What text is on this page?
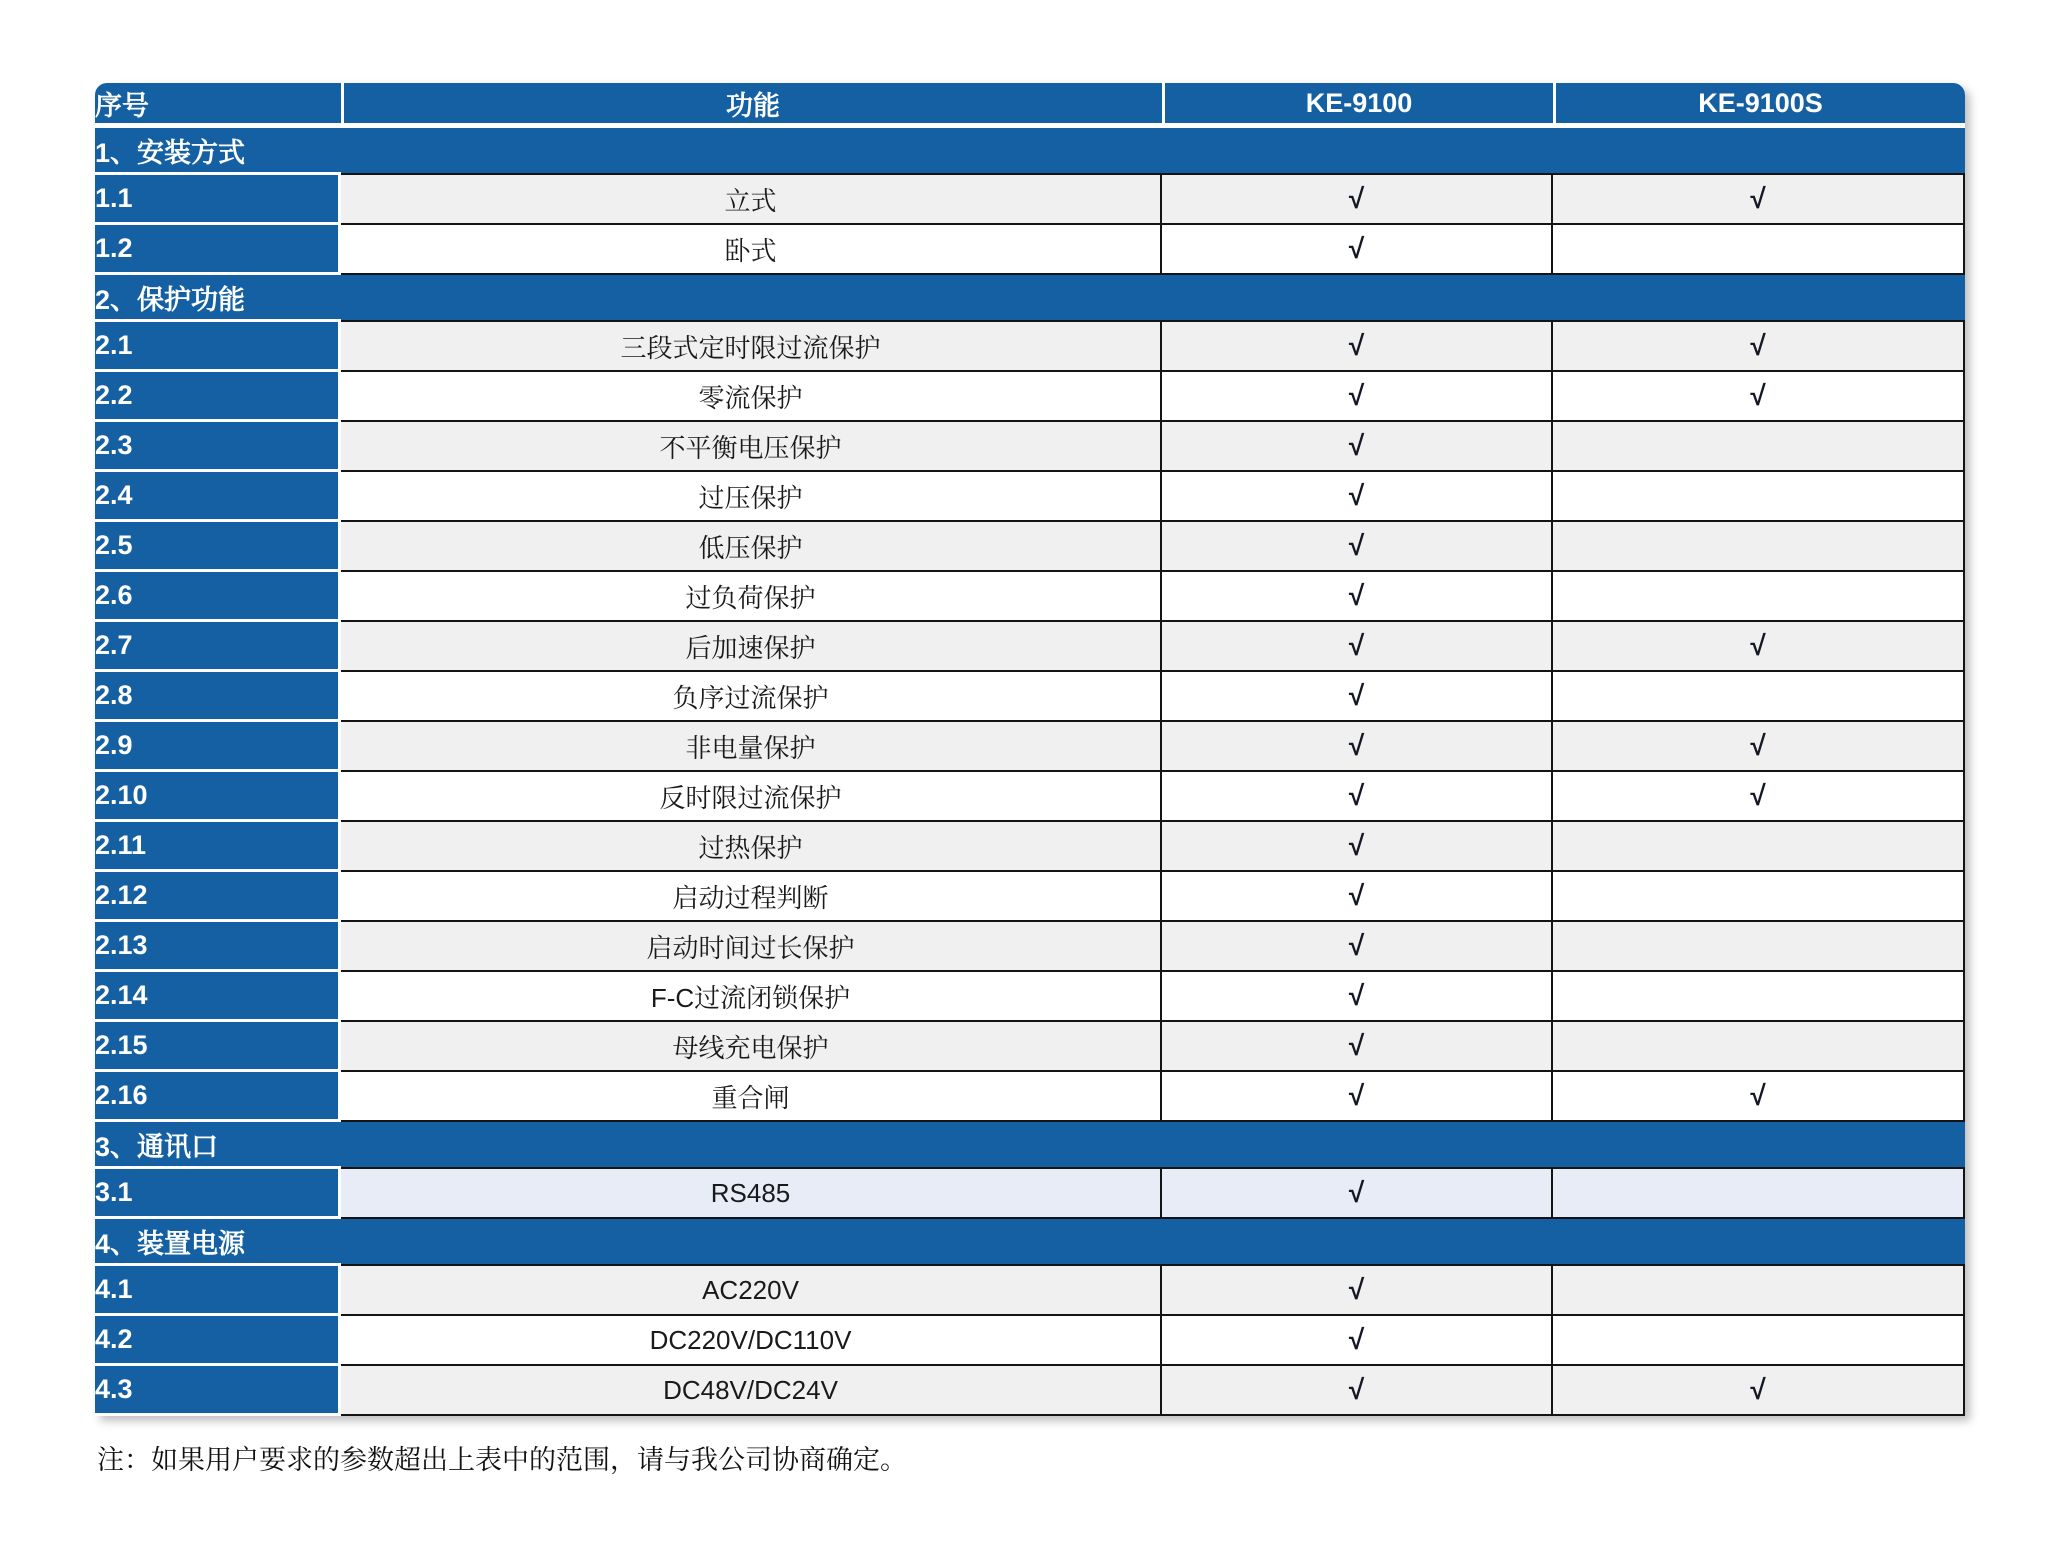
序号	功能	KE-9100	KE-9100S
1、安装方式			
1.1	立式	√	√
1.2	卧式	√	
2、保护功能			
2.1	三段式定时限过流保护	√	√
2.2	零流保护	√	√
2.3	不平衡电压保护	√	
2.4	过压保护	√	
2.5	低压保护	√	
2.6	过负荷保护	√	
2.7	后加速保护	√	√
2.8	负序过流保护	√	
2.9	非电量保护	√	√
2.10	反时限过流保护	√	√
2.11	过热保护	√	
2.12	启动过程判断	√	
2.13	启动时间过长保护	√	
2.14	F-C过流闭锁保护	√	
2.15	母线充电保护	√	
2.16	重合闸	√	√
3、通讯口			
3.1	RS485	√	
4、装置电源			
4.1	AC220V	√	
4.2	DC220V/DC110V	√	
4.3	DC48V/DC24V	√	√
注：如果用户要求的参数超出上表中的范围，请与我公司协商确定。
